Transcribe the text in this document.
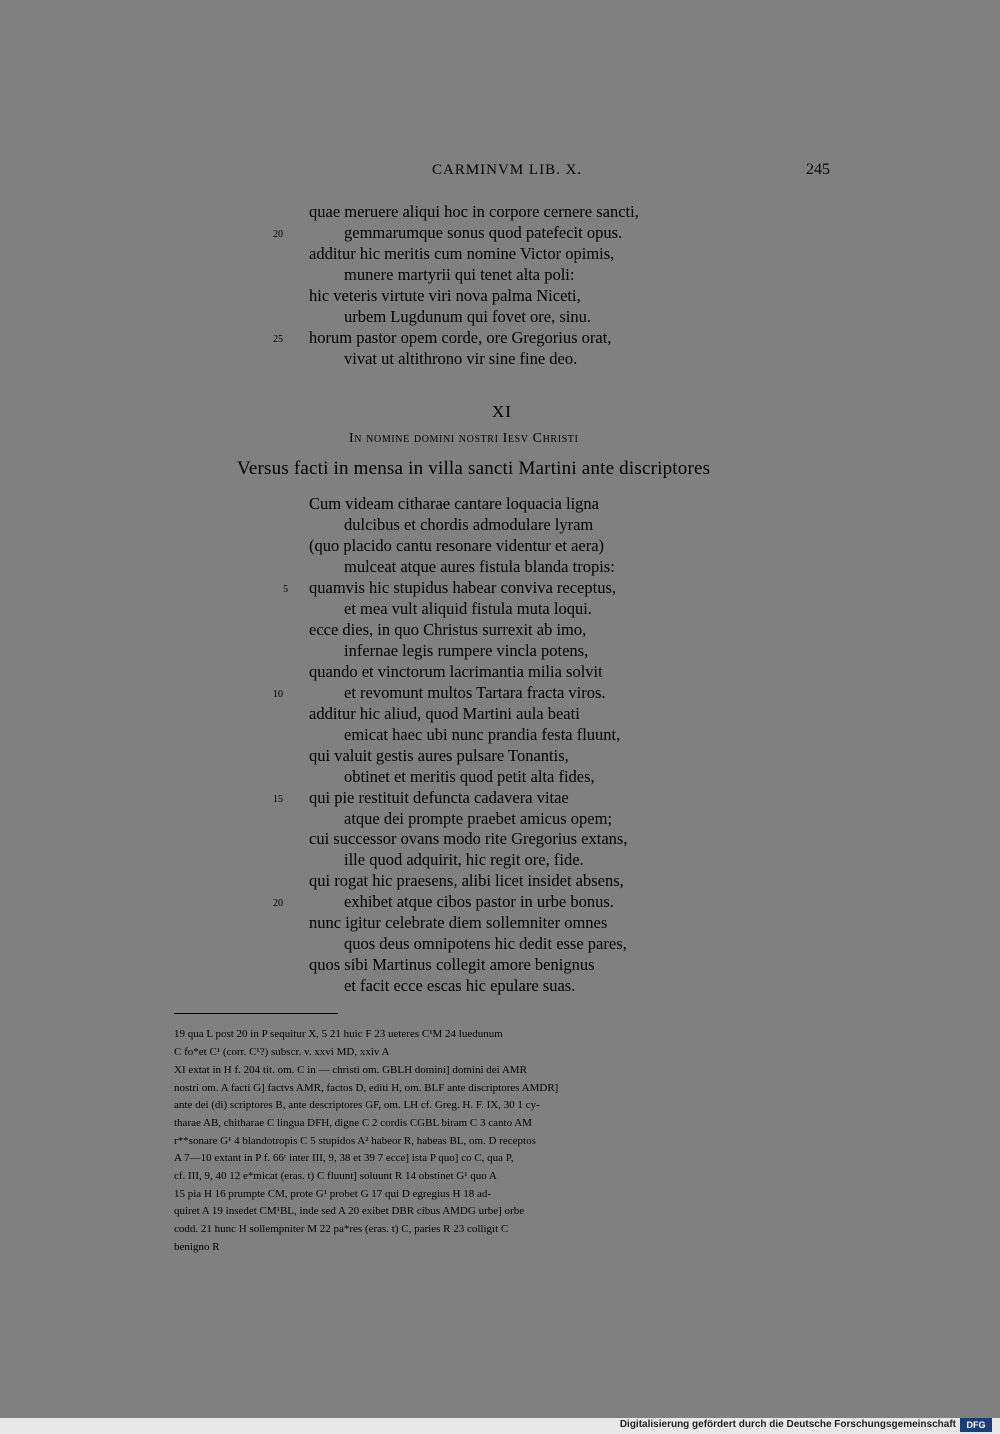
CARMINVM LIB. X.	245
quae meruere aliqui hoc in corpore cernere sancti,
gemmarumque sonus quod patefecit opus.
additur hic meritis cum nomine Victor opimis,
munere martyrii qui tenet alta poli:
hic veteris virtute viri nova palma Niceti,
urbem Lugdunum qui fovet ore, sinu.
horum pastor opem corde, ore Gregorius orat,
vivat ut altithrono vir sine fine deo.
20
25
XI
In nomine domini nostri Iesv Christi
Versus facti in mensa in villa sancti Martini ante discriptores
Cum videam citharae cantare loquacia ligna
dulcibus et chordis admodulare lyram
(quo placido cantu resonare videntur et aera)
mulceat atque aures fistula blanda tropis:
quamvis hic stupidus habear conviva receptus,
et mea vult aliquid fistula muta loqui.
ecce dies, in quo Christus surrexit ab imo,
infernae legis rumpere vincla potens,
quando et vinctorum lacrimantia milia solvit
et revomunt multos Tartara fracta viros.
additur hic aliud, quod Martini aula beati
emicat haec ubi nunc prandia festa fluunt,
qui valuit gestis aures pulsare Tonantis,
obtinet et meritis quod petit alta fides,
qui pie restituit defuncta cadavera vitae
atque dei prompte praebet amicus opem;
cui successor ovans modo rite Gregorius extans,
ille quod adquirit, hic regit ore, fide.
qui rogat hic praesens, alibi licet insidet absens,
exhibet atque cibos pastor in urbe bonus.
nunc igitur celebrate diem sollemniter omnes
quos deus omnipotens hic dedit esse pares,
quos sibi Martinus collegit amore benignus
et facit ecce escas hic epulare suas.
5
10
15
20
19 qua L post 20 in P sequitur X, 5 21 huic F 23 ueteres C¹M 24 luedunum
C fo*et C¹ (corr. C¹?) subscr. v. xxvi MD, xxiv A
XI extat in H f. 204 tit. om. C in — christi om. GBLH domini] domini dei AMR
nostri om. A facti G] factvs AMR, factos D, editi H, om. BLF ante discriptores AMDR]
ante dei (di) scriptores B, ante descriptores GF, om. LH cf. Greg. H. F. IX, 30 1 cy-
tharae AB, chitharae C lingua DFH, digne C 2 cordis CGBL biram C 3 canto AM
r**sonare G¹ 4 blandotropis C 5 stupidos A² habeor R, habeas BL, om. D receptos
A 7—10 extant in P f. 66ʳ inter III, 9, 38 et 39 7 ecce] ista P quo] co C, qua P,
cf. III, 9, 40 12 e*micat (eras. t) C fluunt] soluunt R 14 obstinet G¹ quo A
15 pia H 16 prumpte CM, prote G¹ probet G 17 qui D egregius H 18 ad-
quiret A 19 insedet CM¹BL, inde sed A 20 exibet DBR cibus AMDG urbe] orbe
codd. 21 hunc H sollempniter M 22 pa*res (eras. t) C, paries R 23 colligit C
benigno R
Digitalisierung gefördert durch die Deutsche Forschungsgemeinschaft	DFG
